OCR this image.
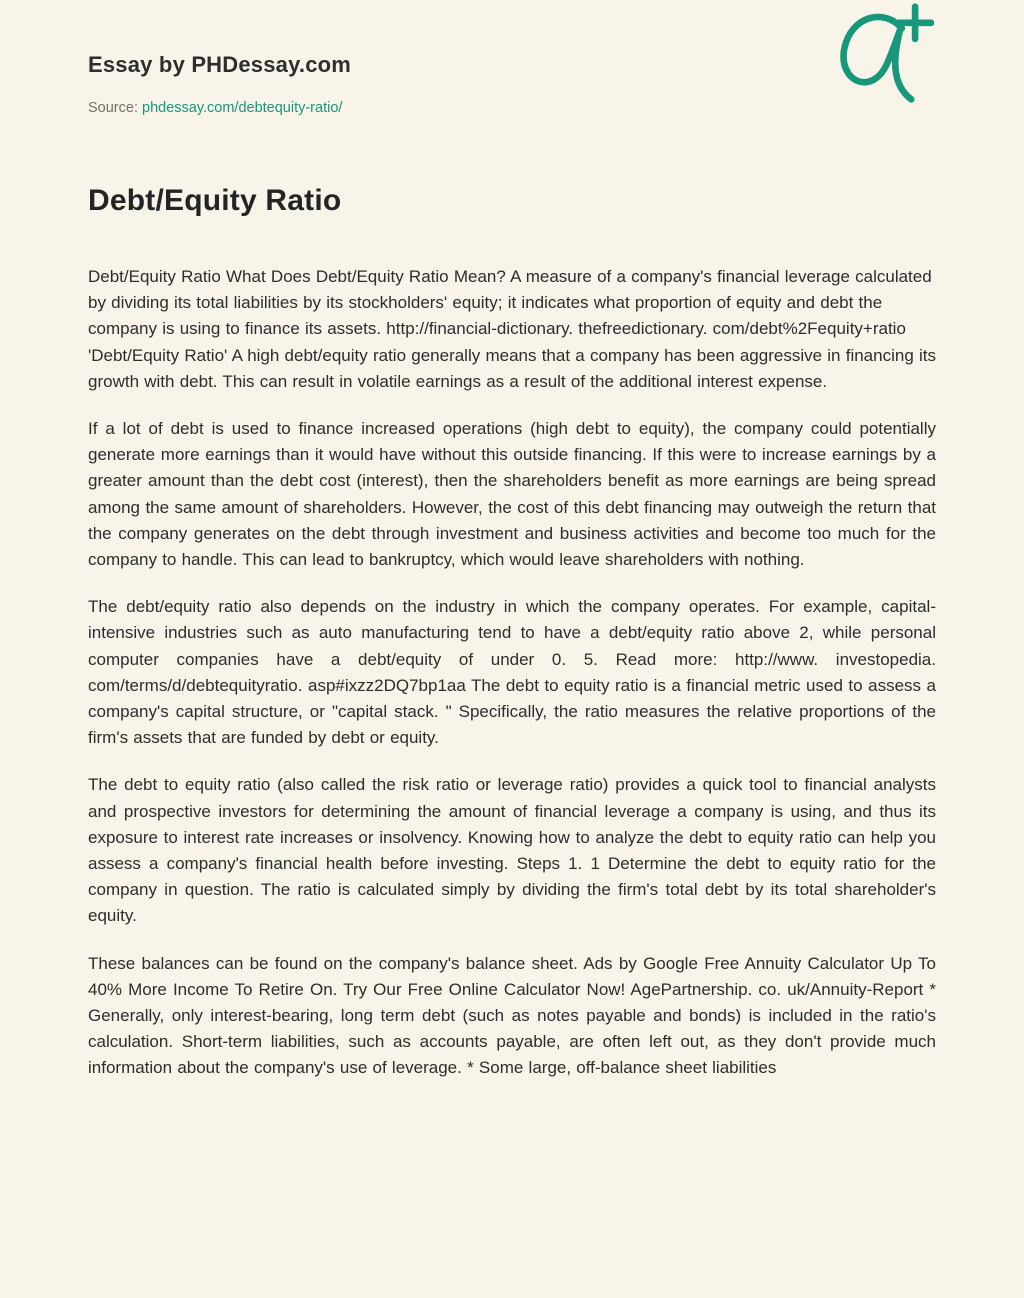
Essay by PHDessay.com
Source: phdessay.com/debtequity-ratio/
Debt/Equity Ratio

Debt/Equity Ratio What Does Debt/Equity Ratio Mean? A measure of a company's financial leverage calculated by dividing its total liabilities by its stockholders' equity; it indicates what proportion of equity and debt the company is using to finance its assets. http://financial-dictionary. thefreedictionary. com/debt%2Fequity+ratio 'Debt/Equity Ratio' A high debt/equity ratio generally means that a company has been aggressive in financing its growth with debt. This can result in volatile earnings as a result of the additional interest expense.

If a lot of debt is used to finance increased operations (high debt to equity), the company could potentially generate more earnings than it would have without this outside financing. If this were to increase earnings by a greater amount than the debt cost (interest), then the shareholders benefit as more earnings are being spread among the same amount of shareholders. However, the cost of this debt financing may outweigh the return that the company generates on the debt through investment and business activities and become too much for the company to handle. This can lead to bankruptcy, which would leave shareholders with nothing.

The debt/equity ratio also depends on the industry in which the company operates. For example, capital-intensive industries such as auto manufacturing tend to have a debt/equity ratio above 2, while personal computer companies have a debt/equity of under 0. 5. Read more: http://www. investopedia. com/terms/d/debtequityratio. asp#ixzz2DQ7bp1aa The debt to equity ratio is a financial metric used to assess a company's capital structure, or "capital stack. " Specifically, the ratio measures the relative proportions of the firm's assets that are funded by debt or equity.

The debt to equity ratio (also called the risk ratio or leverage ratio) provides a quick tool to financial analysts and prospective investors for determining the amount of financial leverage a company is using, and thus its exposure to interest rate increases or insolvency. Knowing how to analyze the debt to equity ratio can help you assess a company's financial health before investing. Steps 1. 1 Determine the debt to equity ratio for the company in question. The ratio is calculated simply by dividing the firm's total debt by its total shareholder's equity.

These balances can be found on the company's balance sheet. Ads by Google Free Annuity Calculator Up To 40% More Income To Retire On. Try Our Free Online Calculator Now! AgePartnership. co. uk/Annuity-Report * Generally, only interest-bearing, long term debt (such as notes payable and bonds) is included in the ratio's calculation. Short-term liabilities, such as accounts payable, are often left out, as they don't provide much information about the company's use of leverage. * Some large, off-balance sheet liabilities
